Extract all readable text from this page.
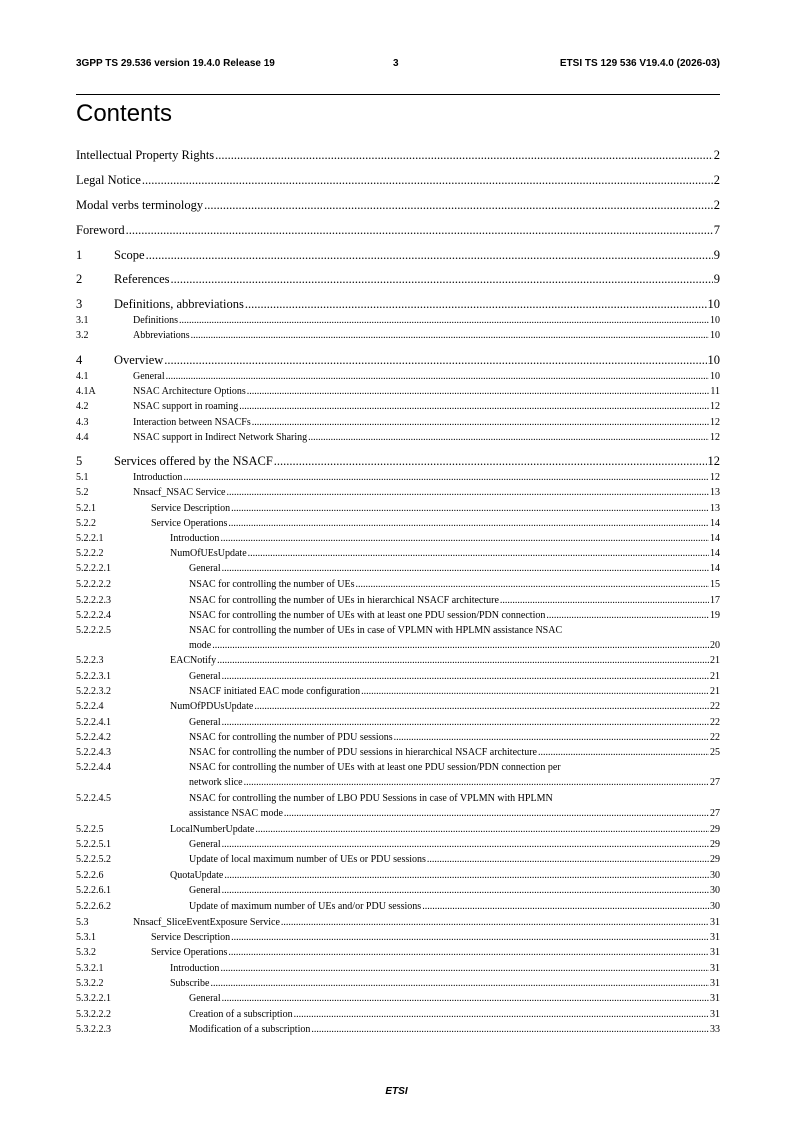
3GPP TS 29.536 version 19.4.0 Release 19	3	ETSI TS 129 536 V19.4.0 (2026-03)
Contents
Intellectual Property Rights .....	2
Legal Notice .....	2
Modal verbs terminology .....	2
Foreword .....	7
1	Scope .....	9
2	References .....	9
3	Definitions, abbreviations .....	10
3.1	Definitions .....	10
3.2	Abbreviations .....	10
4	Overview .....	10
4.1	General .....	10
4.1A	NSAC Architecture Options .....	11
4.2	NSAC support in roaming .....	12
4.3	Interaction between NSACFs .....	12
4.4	NSAC support in Indirect Network Sharing .....	12
5	Services offered by the NSACF .....	12
5.1	Introduction .....	12
5.2	Nnsacf_NSAC Service .....	13
5.2.1	Service Description .....	13
5.2.2	Service Operations .....	14
5.2.2.1	Introduction .....	14
5.2.2.2	NumOfUEsUpdate .....	14
5.2.2.2.1	General .....	14
5.2.2.2.2	NSAC for controlling the number of UEs .....	15
5.2.2.2.3	NSAC for controlling the number of UEs in hierarchical NSACF architecture .....	17
5.2.2.2.4	NSAC for controlling the number of UEs with at least one PDU session/PDN connection .....	19
5.2.2.2.5	NSAC for controlling the number of UEs in case of VPLMN with HPLMN assistance NSAC
mode .....	20
5.2.2.3	EACNotify .....	21
5.2.2.3.1	General .....	21
5.2.2.3.2	NSACF initiated EAC mode configuration .....	21
5.2.2.4	NumOfPDUsUpdate .....	22
5.2.2.4.1	General .....	22
5.2.2.4.2	NSAC for controlling the number of PDU sessions .....	22
5.2.2.4.3	NSAC for controlling the number of PDU sessions in hierarchical NSACF architecture .....	25
5.2.2.4.4	NSAC for controlling the number of UEs with at least one PDU session/PDN connection per
network slice .....	27
5.2.2.4.5	NSAC for controlling the number of LBO PDU Sessions in case of VPLMN with HPLMN
assistance NSAC mode .....	27
5.2.2.5	LocalNumberUpdate .....	29
5.2.2.5.1	General .....	29
5.2.2.5.2	Update of local maximum number of UEs or PDU sessions .....	29
5.2.2.6	QuotaUpdate .....	30
5.2.2.6.1	General .....	30
5.2.2.6.2	Update of maximum number of UEs and/or PDU sessions .....	30
5.3	Nnsacf_SliceEventExposure Service .....	31
5.3.1	Service Description .....	31
5.3.2	Service Operations .....	31
5.3.2.1	Introduction .....	31
5.3.2.2	Subscribe .....	31
5.3.2.2.1	General .....	31
5.3.2.2.2	Creation of a subscription .....	31
5.3.2.2.3	Modification of a subscription .....	33
ETSI
